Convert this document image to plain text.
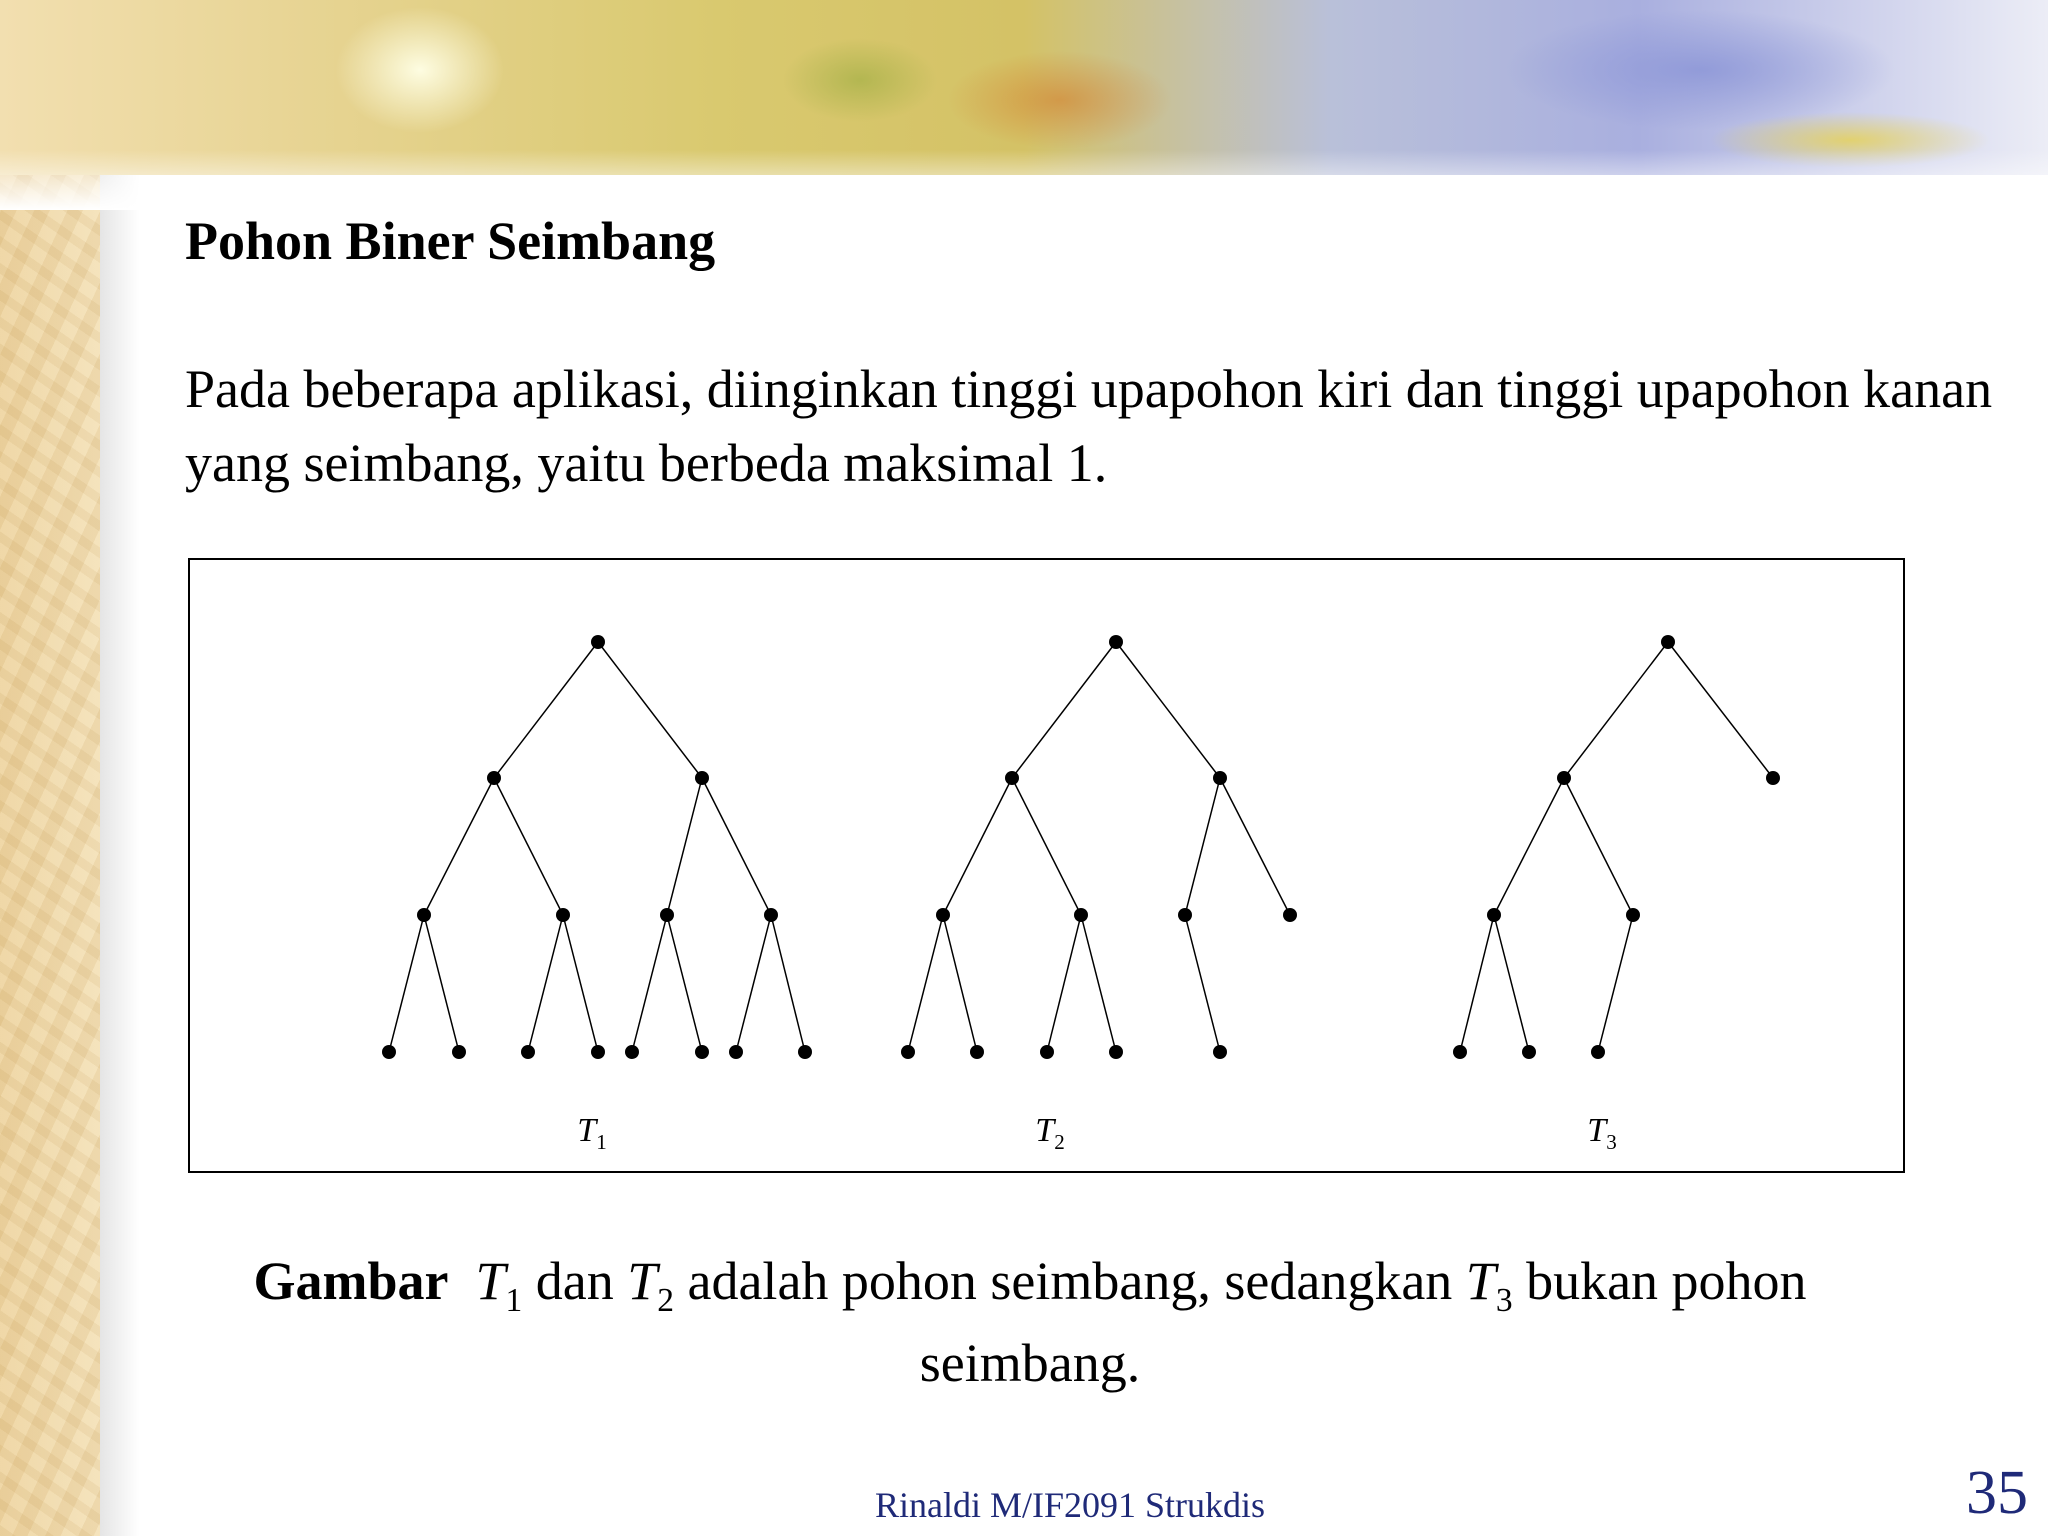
Pohon Biner Seimbang

Pada beberapa aplikasi, diinginkan tinggi upapohon kiri dan tinggi upapohon kanan yang seimbang, yaitu berbeda maksimal 1.

$T_1$	$T_2$	$T_3$

Gambar $T_1$ dan $T_2$ adalah pohon seimbang, sedangkan $T_3$ bukan pohon seimbang.

Rinaldi M/IF2091 Strukdis	35
